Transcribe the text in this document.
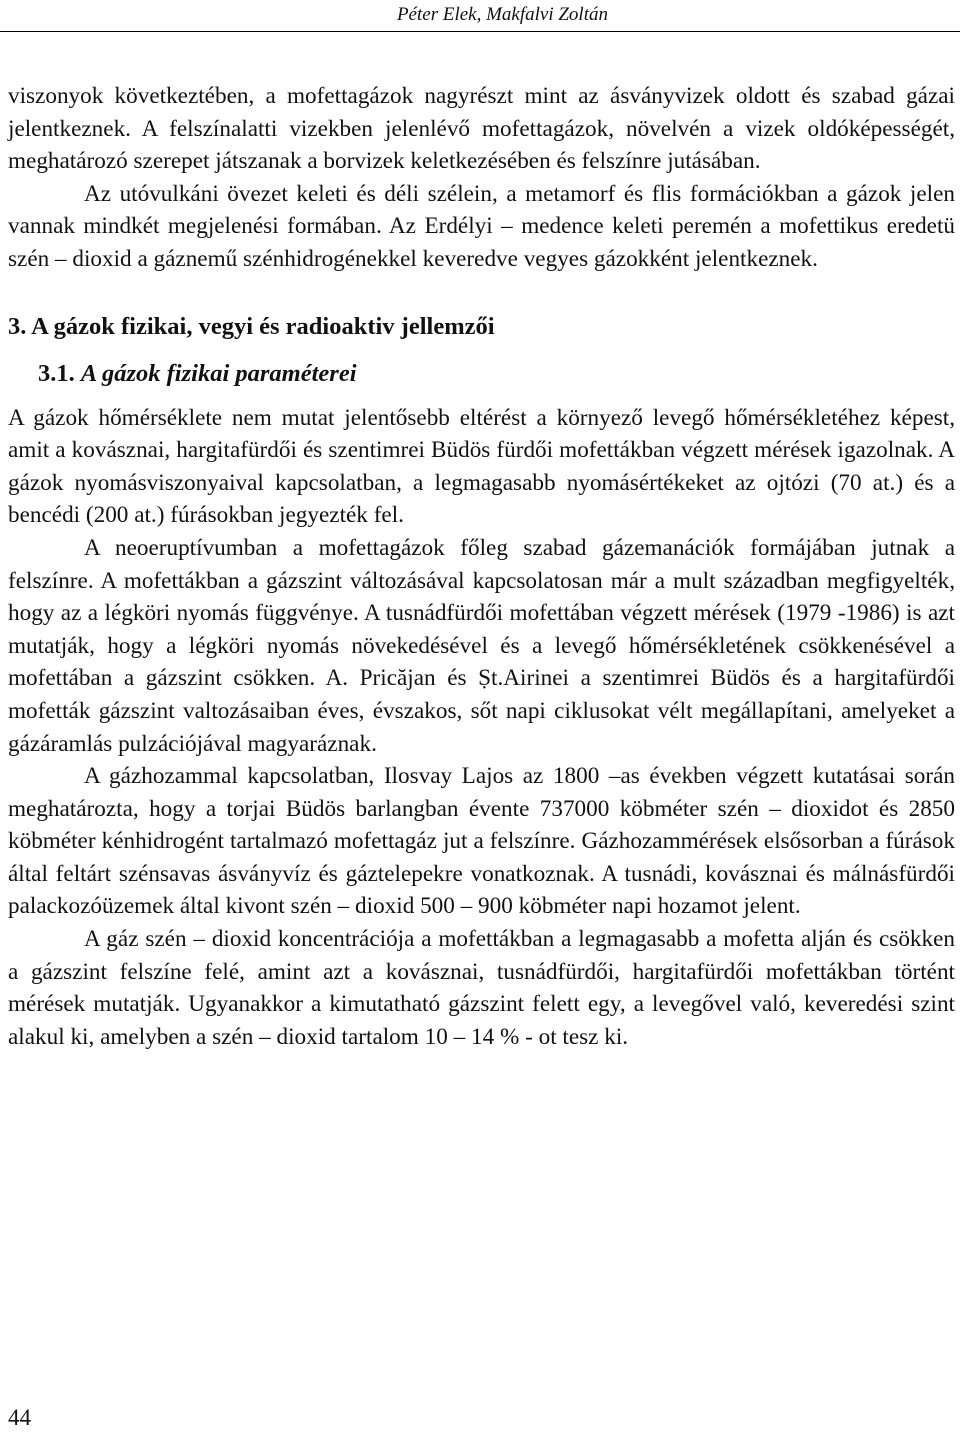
Péter Elek, Makfalvi Zoltán

viszonyok következtében, a mofettagázok nagyrészt mint az ásványvizek oldott és szabad gázai jelentkeznek. A felszínalatti vizekben jelenlévő mofettagázok, növelvén a vizek oldóképességét, meghatározó szerepet játszanak a borvizek keletkezésében és felszínre jutásában.

Az utóvulkáni övezet keleti és déli szélein, a metamorf és flis formációkban a gázok jelen vannak mindkét megjelenési formában. Az Erdélyi – medence keleti peremén a mofettikus eredetü szén – dioxid a gáznemű szénhidrogénekkel keveredve vegyes gázokként jelentkeznek.

3. A gázok fizikai, vegyi és radioaktiv jellemzői

3.1. A gázok fizikai paraméterei

A gázok hőmérséklete nem mutat jelentősebb eltérést a környező levegő hőmérsékletéhez képest, amit a kovásznai, hargitafürdői és szentimrei Büdös fürdői mofettákban végzett mérések igazolnak. A gázok nyomásviszonyaival kapcsolatban, a legmagasabb nyomásértékeket az ojtózi (70 at.) és a bencédi (200 at.) fúrásokban jegyezték fel.

A neoeruptívumban a mofettagázok főleg szabad gázemanációk formájában jutnak a felszínre. A mofettákban a gázszint változásával kapcsolatosan már a mult században megfigyelték, hogy az a légköri nyomás függvénye. A tusnádfürdői mofettában végzett mérések (1979 -1986) is azt mutatják, hogy a légköri nyomás növekedésével és a levegő hőmérsékletének csökkenésével a mofettában a gázszint csökken. A. Pricăjan és Ṣt.Airinei a szentimrei Büdös és a hargitafürdői mofetták gázszint valtozásaiban éves, évszakos, sőt napi ciklusokat vélt megállapítani, amelyeket a gázáramlás pulzációjával magyaráznak.

A gázhozammal kapcsolatban, Ilosvay Lajos az 1800 –as években végzett kutatásai során meghatározta, hogy a torjai Büdös barlangban évente 737000 köbméter szén – dioxidot és 2850 köbméter kénhidrogént tartalmazó mofettagáz jut a felszínre. Gázhozammérések elsősorban a fúrások által feltárt szénsavas ásványvíz és gáztelepekre vonatkoznak. A tusnádi, kovásznai és málnásfürdői palackozóüzemek által kivont szén – dioxid 500 – 900 köbméter napi hozamot jelent.

A gáz szén – dioxid koncentrációja a mofettákban a legmagasabb a mofetta alján és csökken a gázszint felszíne felé, amint azt a kovásznai, tusnádfürdői, hargitafürdői mofettákban történt mérések mutatják. Ugyanakkor a kimutatható gázszint felett egy, a levegővel való, keveredési szint alakul ki, amelyben a szén – dioxid tartalom 10 – 14 % - ot tesz ki.

44
